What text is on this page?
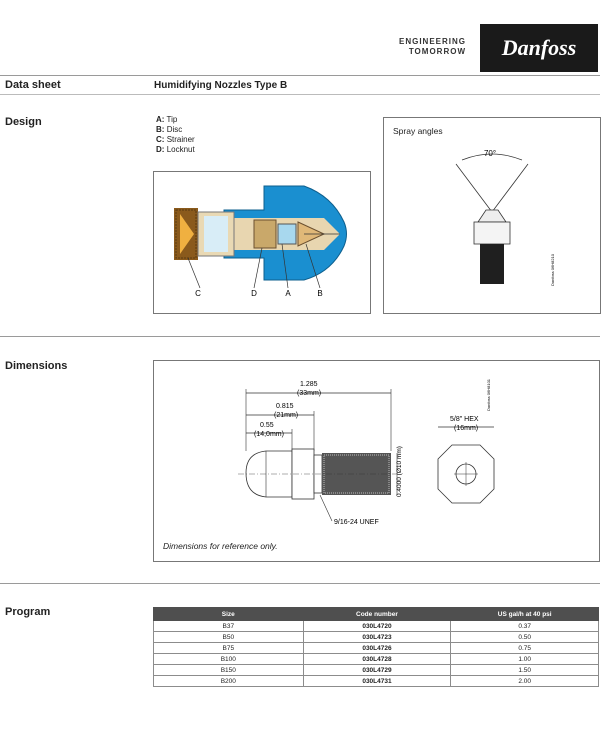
ENGINEERING
TOMORROW Danfoss
Data sheet	Humidifying Nozzles Type B
Design	A: Tip
B: Disc
C: Strainer
D: Locknut
C	D	A	B
Spray angles
70°
Danfoss 06H8210
Dimensions
1.285
(33mm)
0.815
(21mm)
0.55
(14,0mm)
0.4000 (Ø10 mm)
9/16-24 UNEF
5/8" HEX
(16mm)
Danfoss 06H8101
Dimensions for reference only.
Program	Size	Code number	US gal/h at 40 psi
B37	030L4720	0.37
B50	030L4723	0.50
B75	030L4726	0.75
B100	030L4728	1.00
B150	030L4729	1.50
B200	030L4731	2.00
